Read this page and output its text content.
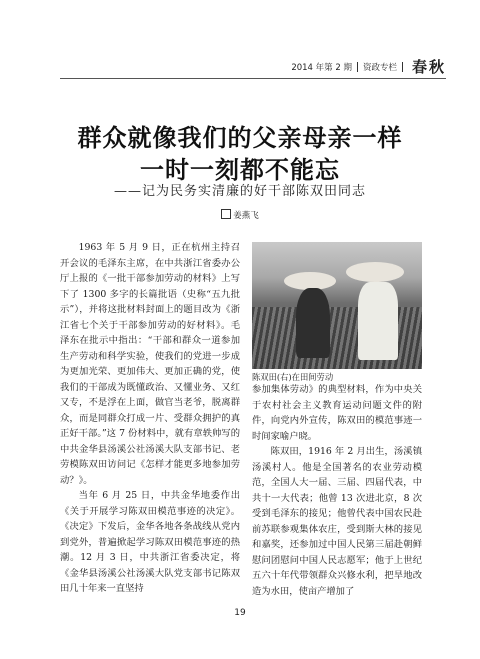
2014 年第 2 期 资政专栏 春秋
群众就像我们的父亲母亲一样
一时一刻都不能忘
——记为民务实清廉的好干部陈双田同志
姜燕飞

1963 年 5 月 9 日，正在杭州主持召开会议的毛泽东主席，在中共浙江省委办公厅上报的《一批干部参加劳动的材料》上写下了 1300 多字的长篇批语（史称“五九批示”），并将这批材料封面上的题目改为《浙江省七个关于干部参加劳动的好材料》。毛泽东在批示中指出：“干部和群众一道参加生产劳动和科学实验，使我们的党进一步成为更加光荣、更加伟大、更加正确的党，使我们的干部成为既懂政治、又懂业务、又红又专，不是浮在上面，做官当老爷，脱离群众，而是同群众打成一片、受群众拥护的真正好干部。”这 7 份材料中，就有章轶帅写的中共金华县汤溪公社汤溪大队支部书记、老劳模陈双田访问记《怎样才能更多地参加劳动？》。

当年 6 月 25 日，中共金华地委作出《关于开展学习陈双田模范事迹的决定》。《决定》下发后，金华各地各条战线从党内到党外，普遍掀起学习陈双田模范事迹的热潮。12 月 3 日，中共浙江省委决定，将《金华县汤溪公社汤溪大队党支部书记陈双田几十年来一直坚持

陈双田(右)在田间劳动

参加集体劳动》的典型材料，作为中央关于农村社会主义教育运动问题文件的附件，向党内外宣传，陈双田的模范事迹一时间家喻户晓。

陈双田，1916 年 2 月出生，汤溪镇汤溪村人。他是全国著名的农业劳动模范，全国人大一届、三届、四届代表，中共十一大代表；他曾 13 次进北京，8 次受到毛泽东的接见；他曾代表中国农民赴前苏联参观集体农庄，受到斯大林的接见和嘉奖，还参加过中国人民第三届赴朝鲜慰问团慰问中国人民志愿军；他于上世纪五六十年代带领群众兴修水利，把旱地改造为水田，使亩产增加了

19
